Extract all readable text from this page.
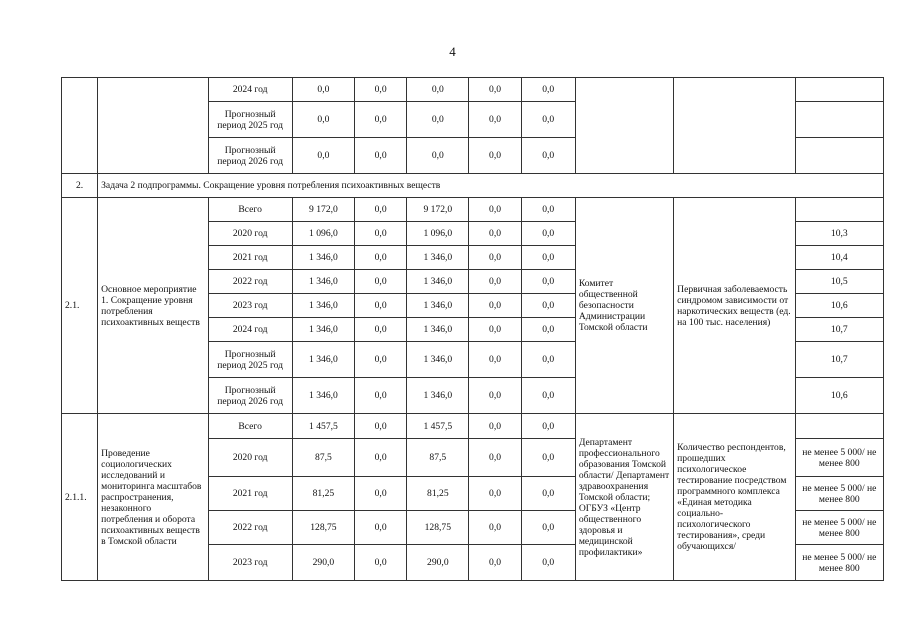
4
		2024 год	0,0	0,0	0,0	0,0	0,0			
		Прогнозный период 2025 год	0,0	0,0	0,0	0,0	0,0			
		Прогнозный период 2026 год	0,0	0,0	0,0	0,0	0,0			
2.	Задача 2 подпрограммы. Сокращение уровня потребления психоактивных веществ									
2.1.	Основное мероприятие 1. Сокращение уровня потребления психоактивных веществ	Всего	9 172,0	0,0	9 172,0	0,0	0,0	Комитет общественной безопасности Администрации Томской области	Первичная заболеваемость синдромом зависимости от наркотических веществ (ед. на 100 тыс. населения)	
		2020 год	1 096,0	0,0	1 096,0	0,0	0,0			10,3
		2021 год	1 346,0	0,0	1 346,0	0,0	0,0			10,4
		2022 год	1 346,0	0,0	1 346,0	0,0	0,0			10,5
		2023 год	1 346,0	0,0	1 346,0	0,0	0,0			10,6
		2024 год	1 346,0	0,0	1 346,0	0,0	0,0			10,7
		Прогнозный период 2025 год	1 346,0	0,0	1 346,0	0,0	0,0			10,7
		Прогнозный период 2026 год	1 346,0	0,0	1 346,0	0,0	0,0			10,6
2.1.1.	Проведение социологических исследований и мониторинга масштабов распространения, незаконного потребления и оборота психоактивных веществ в Томской области	Всего	1 457,5	0,0	1 457,5	0,0	0,0	Департамент профессионального образования Томской области/ Департамент здравоохранения Томской области; ОГБУЗ «Центр общественного здоровья и медицинской профилактики»	Количество респондентов, прошедших психологическое тестирование посредством программного комплекса «Единая методика социально-психологического тестирования», среди обучающихся/	
		2020 год	87,5	0,0	87,5	0,0	0,0			не менее 5 000/ не менее 800
		2021 год	81,25	0,0	81,25	0,0	0,0			не менее 5 000/ не менее 800
		2022 год	128,75	0,0	128,75	0,0	0,0			не менее 5 000/ не менее 800
		2023 год	290,0	0,0	290,0	0,0	0,0			не менее 5 000/ не менее 800
